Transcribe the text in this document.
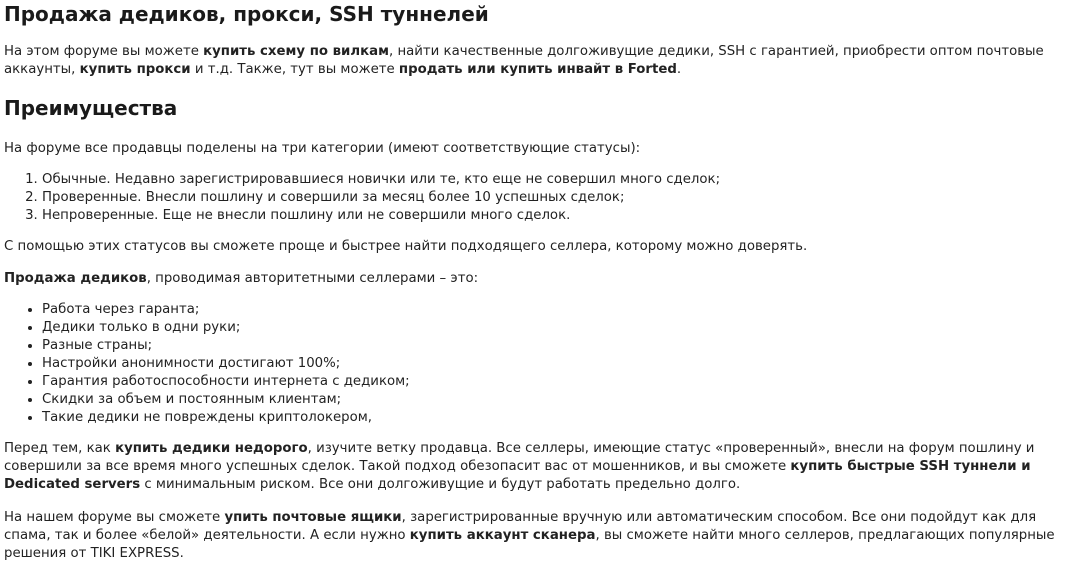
Продажа дедиков, прокси, SSH туннелей

На этом форуме вы можете купить схему по вилкам, найти качественные долгоживущие дедики, SSH с гарантией, приобрести оптом почтовые аккаунты, купить прокси и т.д. Также, тут вы можете продать или купить инвайт в Forted.

Преимущества

На форуме все продавцы поделены на три категории (имеют соответствующие статусы):

1. Обычные. Недавно зарегистрировавшиеся новички или те, кто еще не совершил много сделок;
2. Проверенные. Внесли пошлину и совершили за месяц более 10 успешных сделок;
3. Непроверенные. Еще не внесли пошлину или не совершили много сделок.

С помощью этих статусов вы сможете проще и быстрее найти подходящего селлера, которому можно доверять.

Продажа дедиков, проводимая авторитетными селлерами – это:

• Работа через гаранта;
• Дедики только в одни руки;
• Разные страны;
• Настройки анонимности достигают 100%;
• Гарантия работоспособности интернета с дедиком;
• Скидки за объем и постоянным клиентам;
• Такие дедики не повреждены криптолокером,

Перед тем, как купить дедики недорого, изучите ветку продавца. Все селлеры, имеющие статус «проверенный», внесли на форум пошлину и совершили за все время много успешных сделок. Такой подход обезопасит вас от мошенников, и вы сможете купить быстрые SSH туннели и Dedicated servers с минимальным риском. Все они долгоживущие и будут работать предельно долго.

На нашем форуме вы сможете упить почтовые ящики, зарегистрированные вручную или автоматическим способом. Все они подойдут как для спама, так и более «белой» деятельности. А если нужно купить аккаунт сканера, вы сможете найти много селлеров, предлагающих популярные решения от TIKI EXPRESS.
